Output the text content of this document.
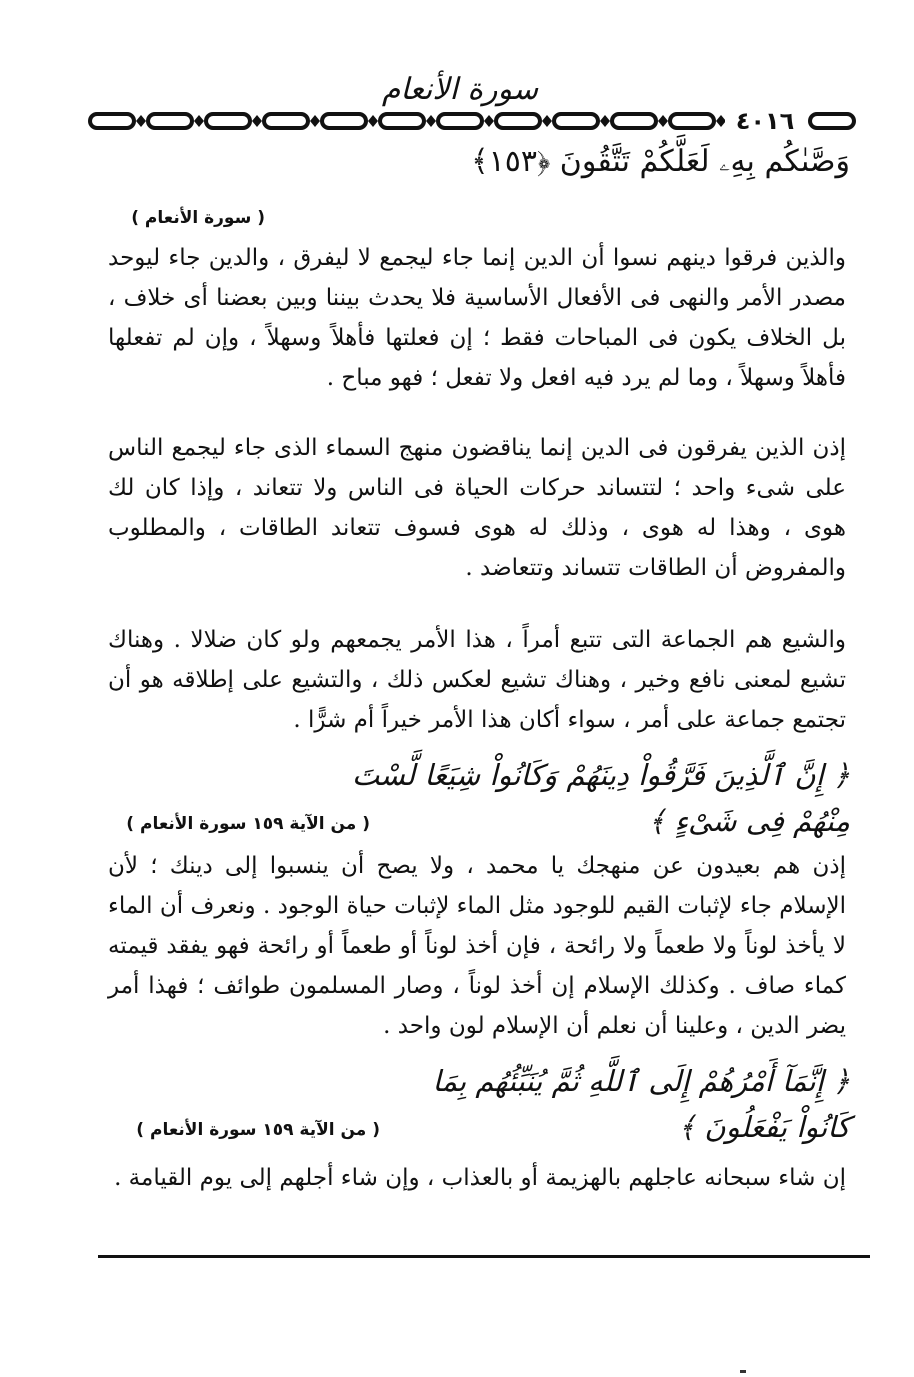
سورة الأنعام
٤٠١٦
وَصَّىٰكُم بِهِۦ لَعَلَّكُمْ تَتَّقُونَ ﴿١٥٣﴾
( سورة الأنعام )
والذين فرقوا دينهم نسوا أن الدين إنما جاء ليجمع لا ليفرق ، والدين جاء ليوحد مصدر الأمر والنهى فى الأفعال الأساسية فلا يحدث بيننا وبين بعضنا أى خلاف ، بل الخلاف يكون فى المباحات فقط ؛ إن فعلتها فأهلاً وسهلاً ، وإن لم تفعلها فأهلاً وسهلاً ، وما لم يرد فيه افعل ولا تفعل ؛ فهو مباح .
إذن الذين يفرقون فى الدين إنما يناقضون منهج السماء الذى جاء ليجمع الناس على شىء واحد ؛ لتتساند حركات الحياة فى الناس ولا تتعاند ، وإذا كان لك هوى ، وهذا له هوى ، وذلك له هوى فسوف تتعاند الطاقات ، والمطلوب والمفروض أن الطاقات تتساند وتتعاضد .
والشيع هم الجماعة التى تتبع أمراً ، هذا الأمر يجمعهم ولو كان ضلالا . وهناك تشيع لمعنى نافع وخير ، وهناك تشيع لعكس ذلك ، والتشيع على إطلاقه هو أن تجتمع جماعة على أمر ، سواء أكان هذا الأمر خيراً أم شرًّا .
﴿ إِنَّ ٱلَّذِينَ فَرَّقُواْ دِينَهُمْ وَكَانُواْ شِيَعًا لَّسْتَ مِنْهُمْ فِى شَىْءٍ ﴾
( من الآية ١٥٩ سورة الأنعام )
إذن هم بعيدون عن منهجك يا محمد ، ولا يصح أن ينسبوا إلى دينك ؛ لأن الإسلام جاء لإثبات القيم للوجود مثل الماء لإثبات حياة الوجود . ونعرف أن الماء لا يأخذ لوناً ولا طعماً ولا رائحة ، فإن أخذ لوناً أو طعماً أو رائحة فهو يفقد قيمته كماء صاف . وكذلك الإسلام إن أخذ لوناً ، وصار المسلمون طوائف ؛ فهذا أمر يضر الدين ، وعلينا أن نعلم أن الإسلام لون واحد .
﴿ إِنَّمَآ أَمْرُهُمْ إِلَى ٱللَّهِ ثُمَّ يُنَبِّئُهُم بِمَا كَانُواْ يَفْعَلُونَ ﴾
( من الآية ١٥٩ سورة الأنعام )
إن شاء سبحانه عاجلهم بالهزيمة أو بالعذاب ، وإن شاء أجلهم إلى يوم القيامة .
